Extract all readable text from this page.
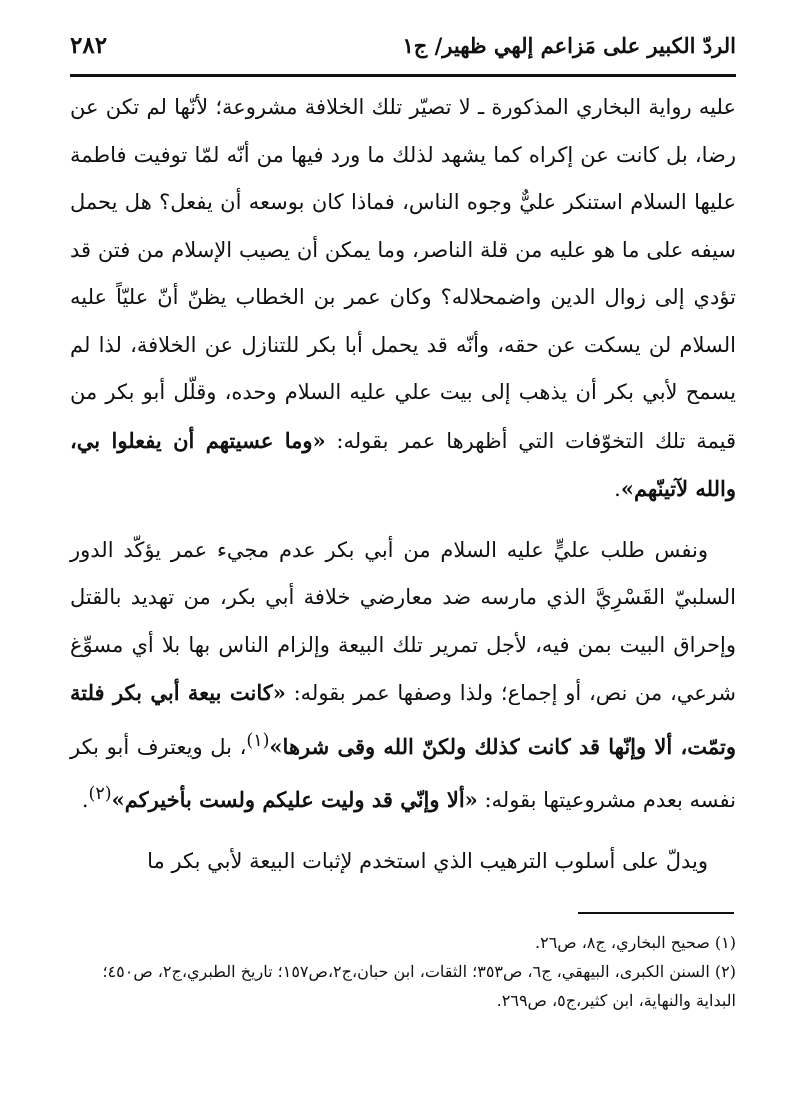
الردّ الكبير على مَزاعم إلهي ظهير/ ج١
٢٨٢

عليه رواية البخاري المذكورة ـ لا تصيّر تلك الخلافة مشروعة؛ لأنّها لم تكن عن رضا، بل كانت عن إكراه كما يشهد لذلك ما ورد فيها من أنّه لمّا توفيت فاطمة عليها السلام استنكر عليٌّ وجوه الناس، فماذا كان بوسعه أن يفعل؟ هل يحمل سيفه على ما هو عليه من قلة الناصر، وما يمكن أن يصيب الإسلام من فتن قد تؤدي إلى زوال الدين واضمحلاله؟ وكان عمر بن الخطاب يظنّ أنّ عليّاً عليه السلام لن يسكت عن حقه، وأنّه قد يحمل أبا بكر للتنازل عن الخلافة، لذا لم يسمح لأبي بكر أن يذهب إلى بيت علي عليه السلام وحده، وقلّل أبو بكر من قيمة تلك التخوّفات التي أظهرها عمر بقوله: «وما عسيتهم أن يفعلوا بي، والله لآتينّهم».

ونفس طلب عليٍّ عليه السلام من أبي بكر عدم مجيء عمر يؤكّد الدور السلبيّ القَسْرِيَّ الذي مارسه ضد معارضي خلافة أبي بكر، من تهديد بالقتل وإحراق البيت بمن فيه، لأجل تمرير تلك البيعة وإلزام الناس بها بلا أي مسوِّغ شرعي، من نص، أو إجماع؛ ولذا وصفها عمر بقوله: «كانت بيعة أبي بكر فلتة وتمّت، ألا وإنّها قد كانت كذلك ولكنّ الله وقى شرها»$^{(١)}$، بل ويعترف أبو بكر نفسه بعدم مشروعيتها بقوله: «ألا وإنّي قد وليت عليكم ولست بأخيركم»$^{(٢)}$.

ويدلّ على أسلوب الترهيب الذي استخدم لإثبات البيعة لأبي بكر ما

(١) صحيح البخاري، ج٨، ص٢٦.

(٢) السنن الكبرى، البيهقي، ج٦، ص٣٥٣؛ الثقات، ابن حبان،ج٢،ص١٥٧؛ تاريخ الطبري،ج٢، ص٤٥٠؛ البداية والنهاية، ابن كثير،ج٥، ص٢٦٩.
